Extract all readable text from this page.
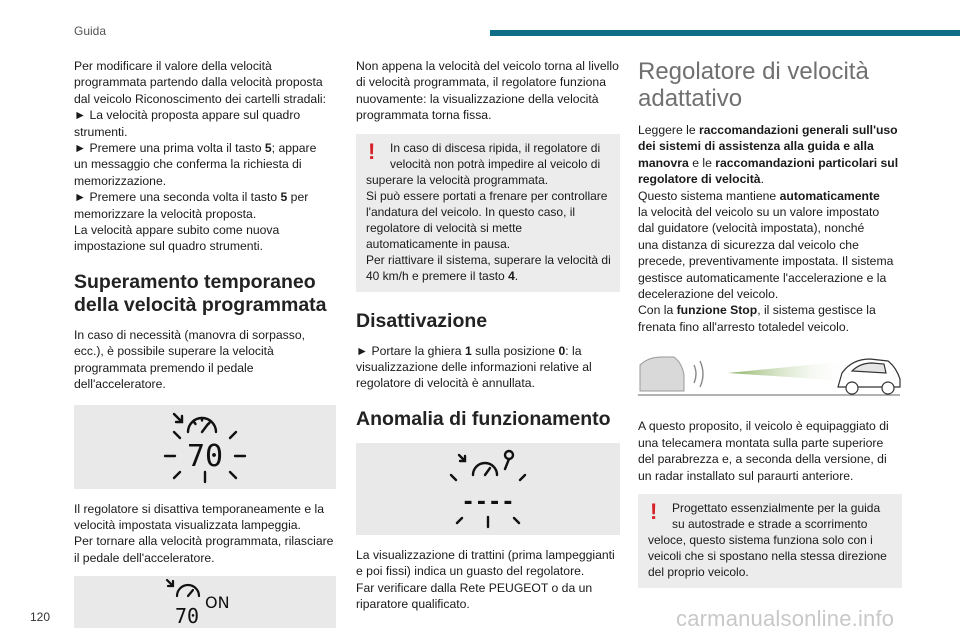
Guida

Per modificare il valore della velocità
programmata partendo dalla velocità proposta
dal veicolo Riconoscimento dei cartelli stradali:
► La velocità proposta appare sul quadro
strumenti.
► Premere una prima volta il tasto 5; appare
un messaggio che conferma la richiesta di
memorizzazione.
► Premere una seconda volta il tasto 5 per
memorizzare la velocità proposta.
La velocità appare subito come nuova
impostazione sul quadro strumenti.

Superamento temporaneo della velocità programmata

In caso di necessità (manovra di sorpasso, ecc.), è possibile superare la velocità programmata premendo il pedale dell'acceleratore.

70

Il regolatore si disattiva temporaneamente e la velocità impostata visualizzata lampeggia.
Per tornare alla velocità programmata, rilasciare il pedale dell'acceleratore.

70
ON

Non appena la velocità del veicolo torna al livello di velocità programmata, il regolatore funziona nuovamente: la visualizzazione della velocità programmata torna fissa.

!	In caso di discesa ripida, il regolatore di velocità non potrà impedire al veicolo di

superare la velocità programmata.
Si può essere portati a frenare per controllare l'andatura del veicolo. In questo caso, il regolatore di velocità si mette automaticamente in pausa.
Per riattivare il sistema, superare la velocità di

40 km/h e premere il tasto 4.

Disattivazione

► Portare la ghiera 1 sulla posizione 0: la visualizzazione delle informazioni relative al regolatore di velocità è annullata.

Anomalia di funzionamento
----

La visualizzazione di trattini (prima lampeggianti e poi fissi) indica un guasto del regolatore.
Far verificare dalla Rete PEUGEOT o da un riparatore qualificato.

Regolatore di velocità adattativo

Leggere le raccomandazioni generali sull'uso dei sistemi di assistenza alla guida e alla manovra e le raccomandazioni particolari sul regolatore di velocità.
Questo sistema mantiene automaticamente
la velocità del veicolo su un valore impostato
dal guidatore (velocità impostata), nonché
una distanza di sicurezza dal veicolo che
precede, preventivamente impostata. Il sistema
gestisce automaticamente l'accelerazione e la
decelerazione del veicolo.
Con la funzione Stop, il sistema gestisce la frenata fino all'arresto totaledel veicolo.

A questo proposito, il veicolo è equipaggiato di una telecamera montata sulla parte superiore del parabrezza e, a seconda della versione, di un radar installato sul paraurti anteriore.

!	Progettato essenzialmente per la guida su autostrade e strade a scorrimento

veloce, questo sistema funziona solo con i veicoli che si spostano nella stessa direzione del proprio veicolo.

120	carmanualsonline.info
